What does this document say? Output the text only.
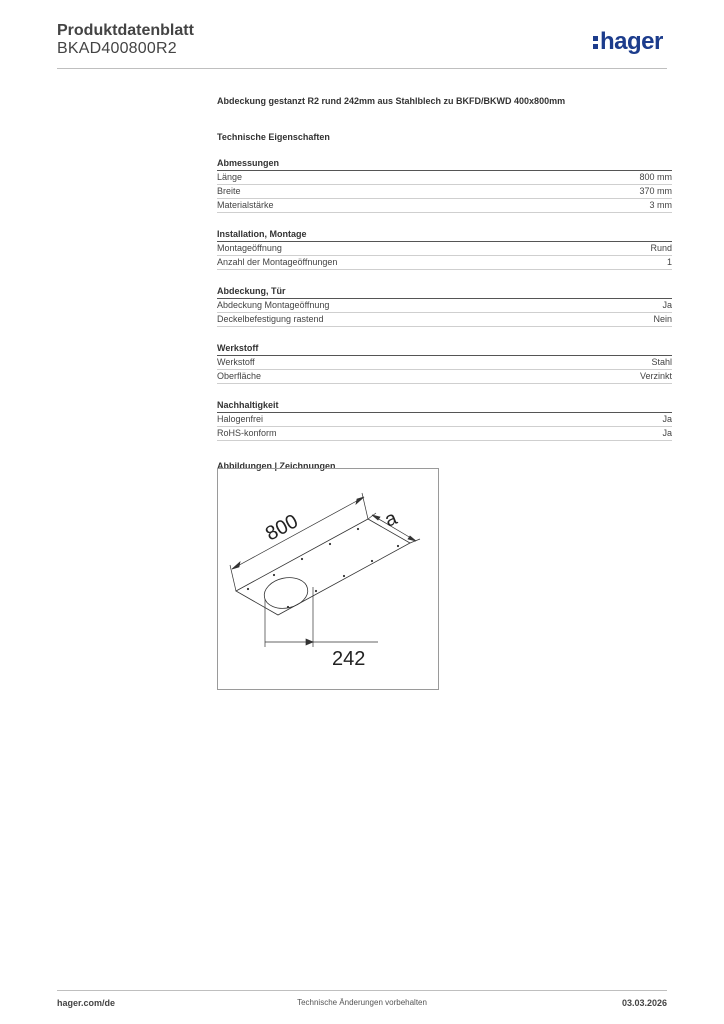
Produktdatenblatt
BKAD400800R2	hager
Abdeckung gestanzt R2 rund 242mm aus Stahlblech zu BKFD/BKWD 400x800mm
Technische Eigenschaften
Abmessungen
Länge	800 mm
Breite	370 mm
Materialstärke	3 mm
Installation, Montage
Montageöffnung	Rund
Anzahl der Montageöffnungen	1
Abdeckung, Tür
Abdeckung Montageöffnung	Ja
Deckelbefestigung rastend	Nein
Werkstoff
Werkstoff	Stahl
Oberfläche	Verzinkt
Nachhaltigkeit
Halogenfrei	Ja
RoHS-konform	Ja
Abbildungen | Zeichnungen
800	a
242
hager.com/de	Technische Änderungen vorbehalten	03.03.2026
